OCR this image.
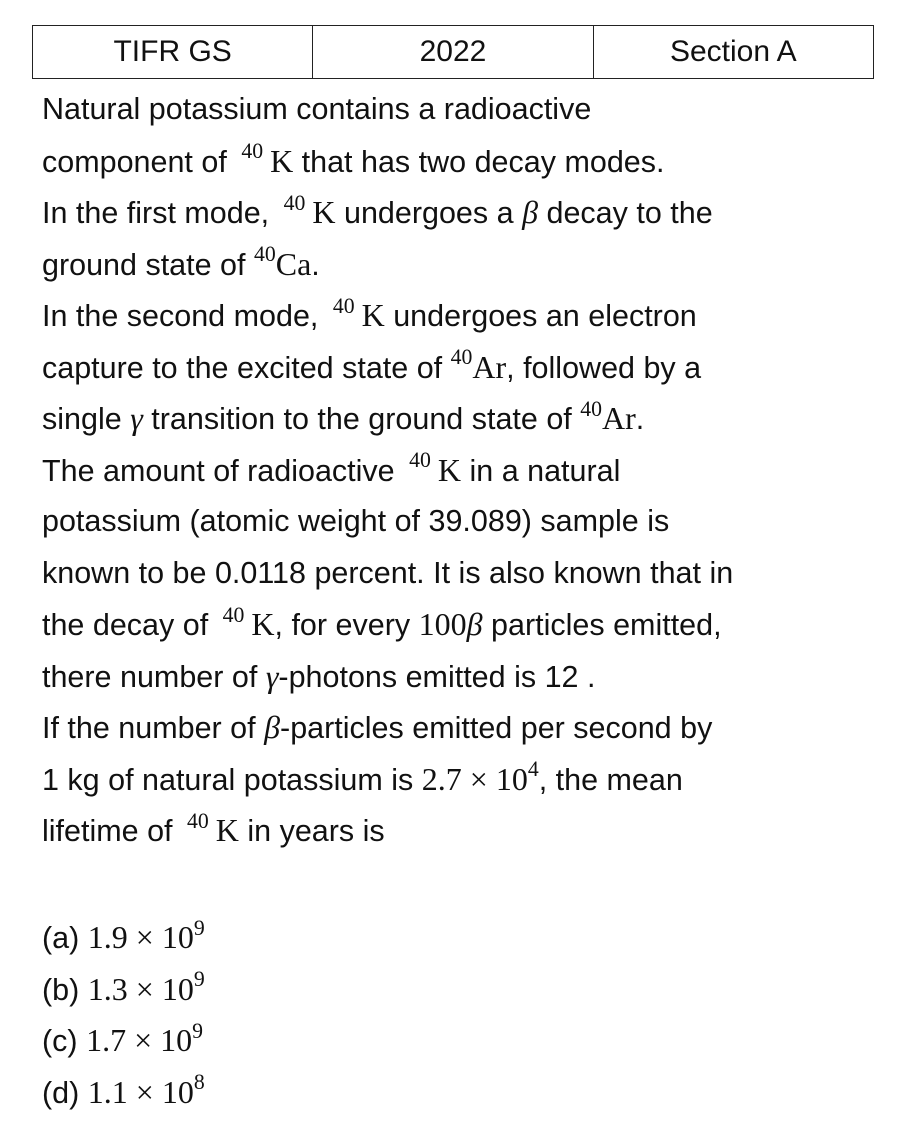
TIFR GS	2022	Section A
Natural potassium contains a radioactive
component of $^{40}$ K that has two decay modes.
In the first mode, $^{40}$ K undergoes a β decay to the
ground state of $^{40}$Ca.
In the second mode, $^{40}$ K undergoes an electron
capture to the excited state of $^{40}$Ar, followed by a
single γ transition to the ground state of $^{40}$Ar.
The amount of radioactive $^{40}$ K in a natural
potassium (atomic weight of 39.089) sample is
known to be 0.0118 percent. It is also known that in
the decay of $^{40}$ K, for every 100β particles emitted,
there number of γ-photons emitted is 12 .
If the number of β-particles emitted per second by
1 kg of natural potassium is $2.7 \times 10^4$, the mean
lifetime of $^{40}$ K in years is
(a) $1.9 \times 10^9$
(b) $1.3 \times 10^9$
(c) $1.7 \times 10^9$
(d) $1.1 \times 10^8$
